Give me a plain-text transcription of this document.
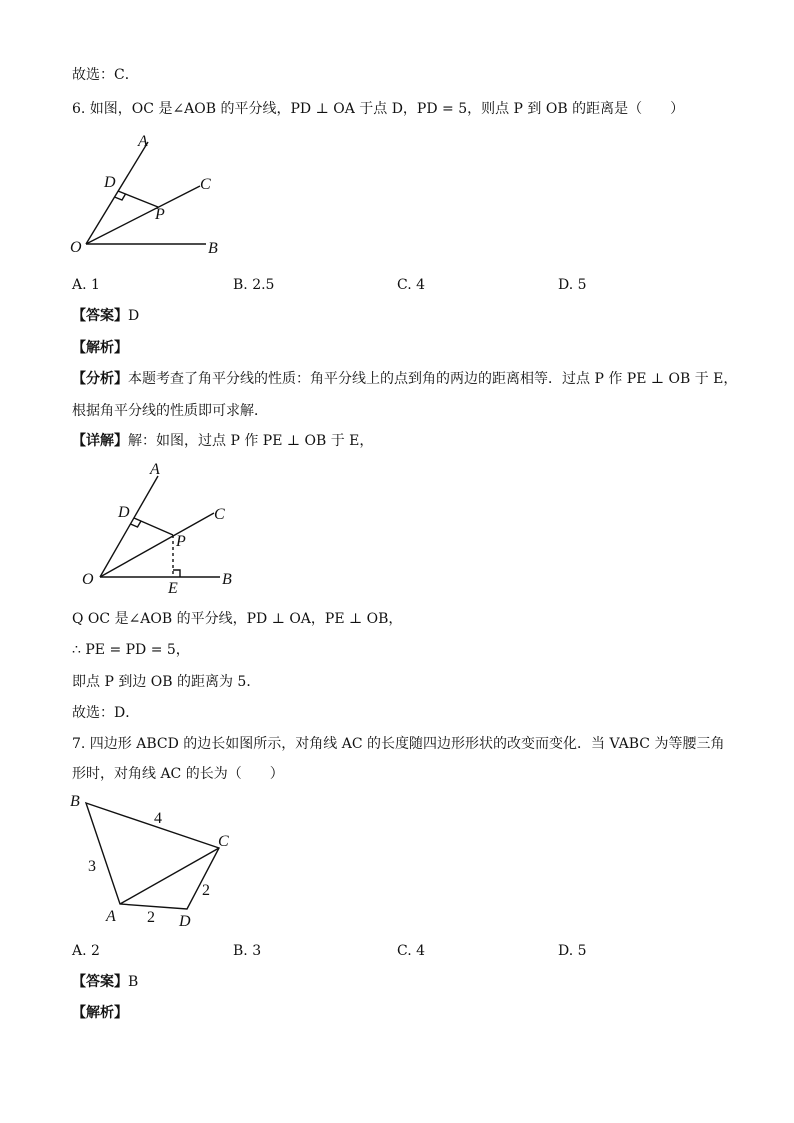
故选：C．
6. 如图，OC 是∠AOB 的平分线，PD ⊥ OA 于点 D，PD = 5，则点 P 到 OB 的距离是（　　）
A
D	C
P
O	B
A. 1	B. 2.5	C. 4	D. 5
【答案】D
【解析】
【分析】本题考查了角平分线的性质：角平分线上的点到角的两边的距离相等．过点 P 作 PE ⊥ OB 于 E，
根据角平分线的性质即可求解．
【详解】解：如图，过点 P 作 PE ⊥ OB 于 E，
A
D	C
P
O
E
B
Q OC 是∠AOB 的平分线，PD ⊥ OA，PE ⊥ OB，
∴ PE = PD = 5，
即点 P 到边 OB 的距离为 5．
故选：D．
7. 四边形 ABCD 的边长如图所示，对角线 AC 的长度随四边形形状的改变而变化．当 VABC 为等腰三角
形时，对角线 AC 的长为（　　）
B
C
A	D
4
3
2
2
A. 2	B. 3	C. 4	D. 5
【答案】B
【解析】
